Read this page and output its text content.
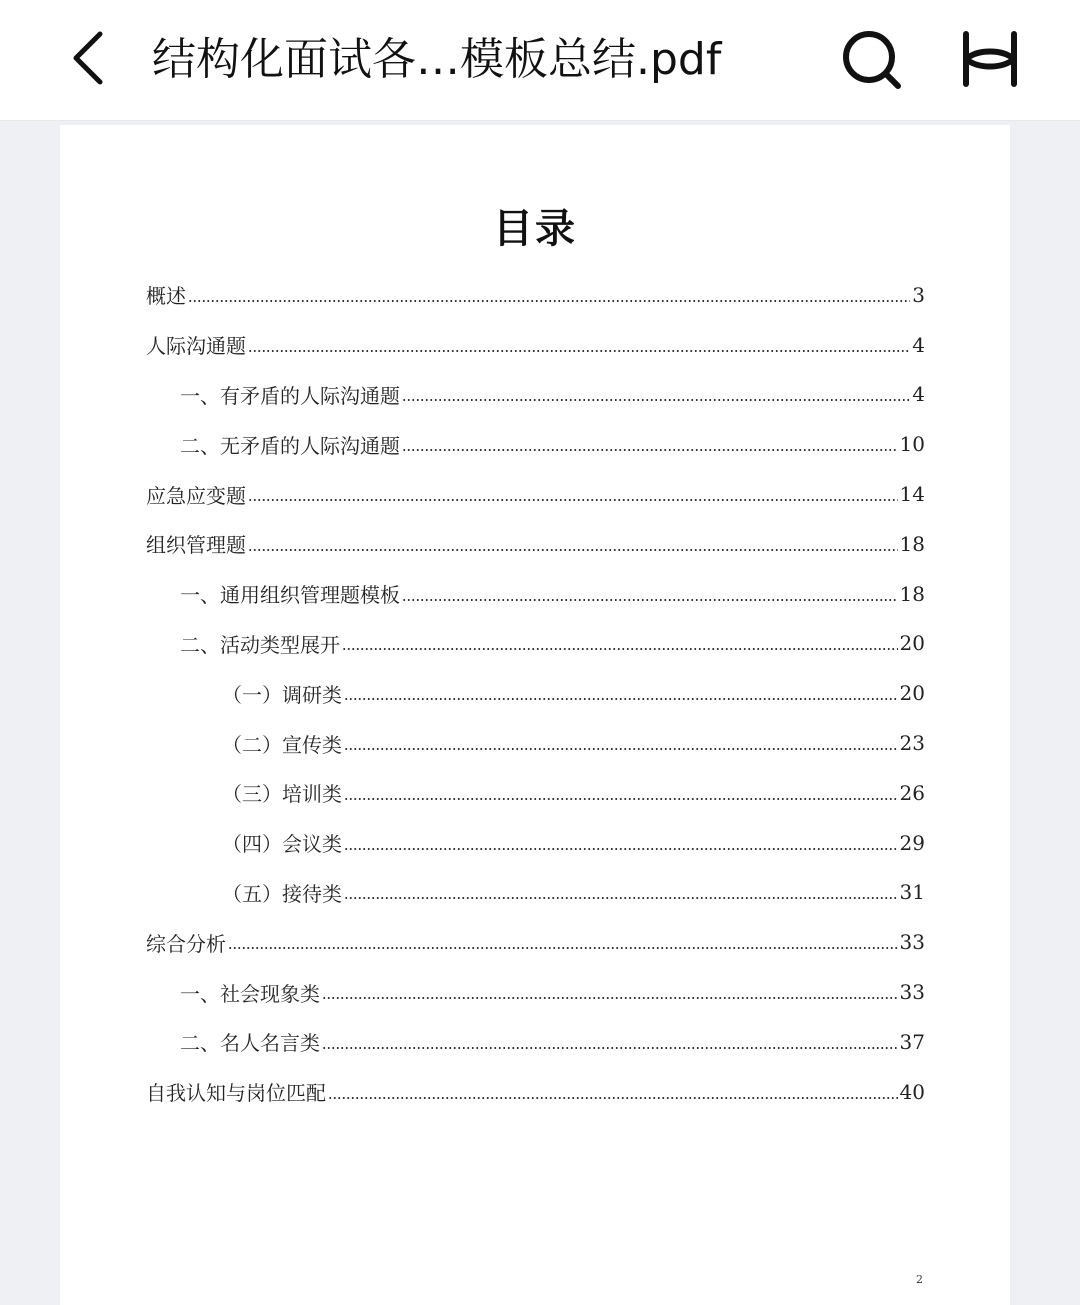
结构化面试各…模板总结.pdf
目录
概述	3
人际沟通题	4
一、有矛盾的人际沟通题	4
二、无矛盾的人际沟通题	10
应急应变题	14
组织管理题	18
一、通用组织管理题模板	18
二、活动类型展开	20
（一）调研类	20
（二）宣传类	23
（三）培训类	26
（四）会议类	29
（五）接待类	31
综合分析	33
一、社会现象类	33
二、名人名言类	37
自我认知与岗位匹配	40
2
